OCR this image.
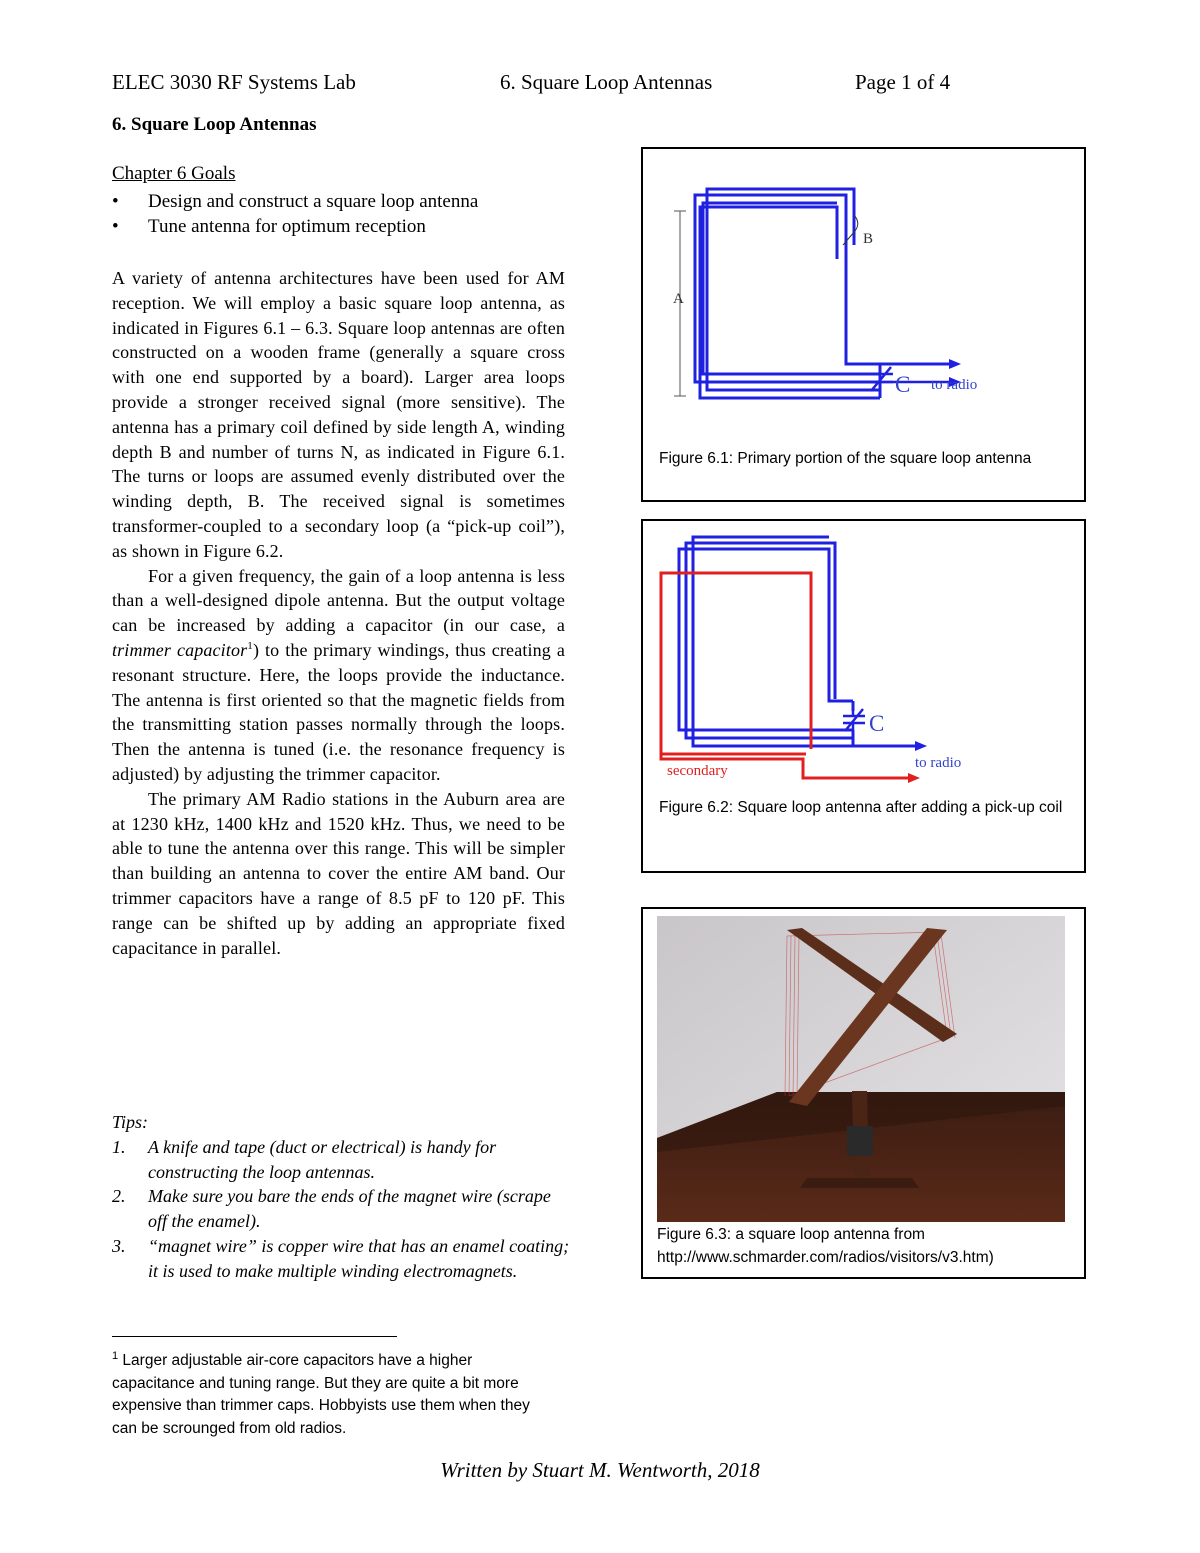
ELEC 3030 RF Systems Lab	6. Square Loop Antennas	Page 1 of 4
6. Square Loop Antennas
Chapter 6 Goals
• Design and construct a square loop antenna
• Tune antenna for optimum reception

A variety of antenna architectures have been used for AM reception. We will employ a basic square loop antenna, as indicated in Figures 6.1 – 6.3. Square loop antennas are often constructed on a wooden frame (generally a square cross with one end supported by a board). Larger area loops provide a stronger received signal (more sensitive). The antenna has a primary coil defined by side length A, winding depth B and number of turns N, as indicated in Figure 6.1. The turns or loops are assumed evenly distributed over the winding depth, B. The received signal is sometimes transformer-coupled to a secondary loop (a “pick-up coil”), as shown in Figure 6.2.

For a given frequency, the gain of a loop antenna is less than a well-designed dipole antenna. But the output voltage can be increased by adding a capacitor (in our case, a trimmer capacitor$^1$) to the primary windings, thus creating a resonant structure. Here, the loops provide the inductance. The antenna is first oriented so that the magnetic fields from the transmitting station passes normally through the loops. Then the antenna is tuned (i.e. the resonance frequency is adjusted) by adjusting the trimmer capacitor.

The primary AM Radio stations in the Auburn area are at 1230 kHz, 1400 kHz and 1520 kHz. Thus, we need to be able to tune the antenna over this range. This will be simpler than building an antenna to cover the entire AM band. Our trimmer capacitors have a range of 8.5 pF to 120 pF. This range can be shifted up by adding an appropriate fixed capacitance in parallel.

Tips:
1. A knife and tape (duct or electrical) is handy for constructing the loop antennas.
2. Make sure you bare the ends of the magnet wire (scrape off the enamel).
3. “magnet wire” is copper wire that has an enamel coating; it is used to make multiple winding electromagnets.
$^1$ Larger adjustable air-core capacitors have a higher capacitance and tuning range. But they are quite a bit more expensive than trimmer caps. Hobbyists use them when they can be scrounged from old radios.
Written by Stuart M. Wentworth, 2018
A
B
C to radio
Figure 6.1: Primary portion of the square loop antenna
C
to radio
secondary
Figure 6.2: Square loop antenna after adding a pick-up coil
Figure 6.3: a square loop antenna from
http://www.schmarder.com/radios/visitors/v3.htm)
